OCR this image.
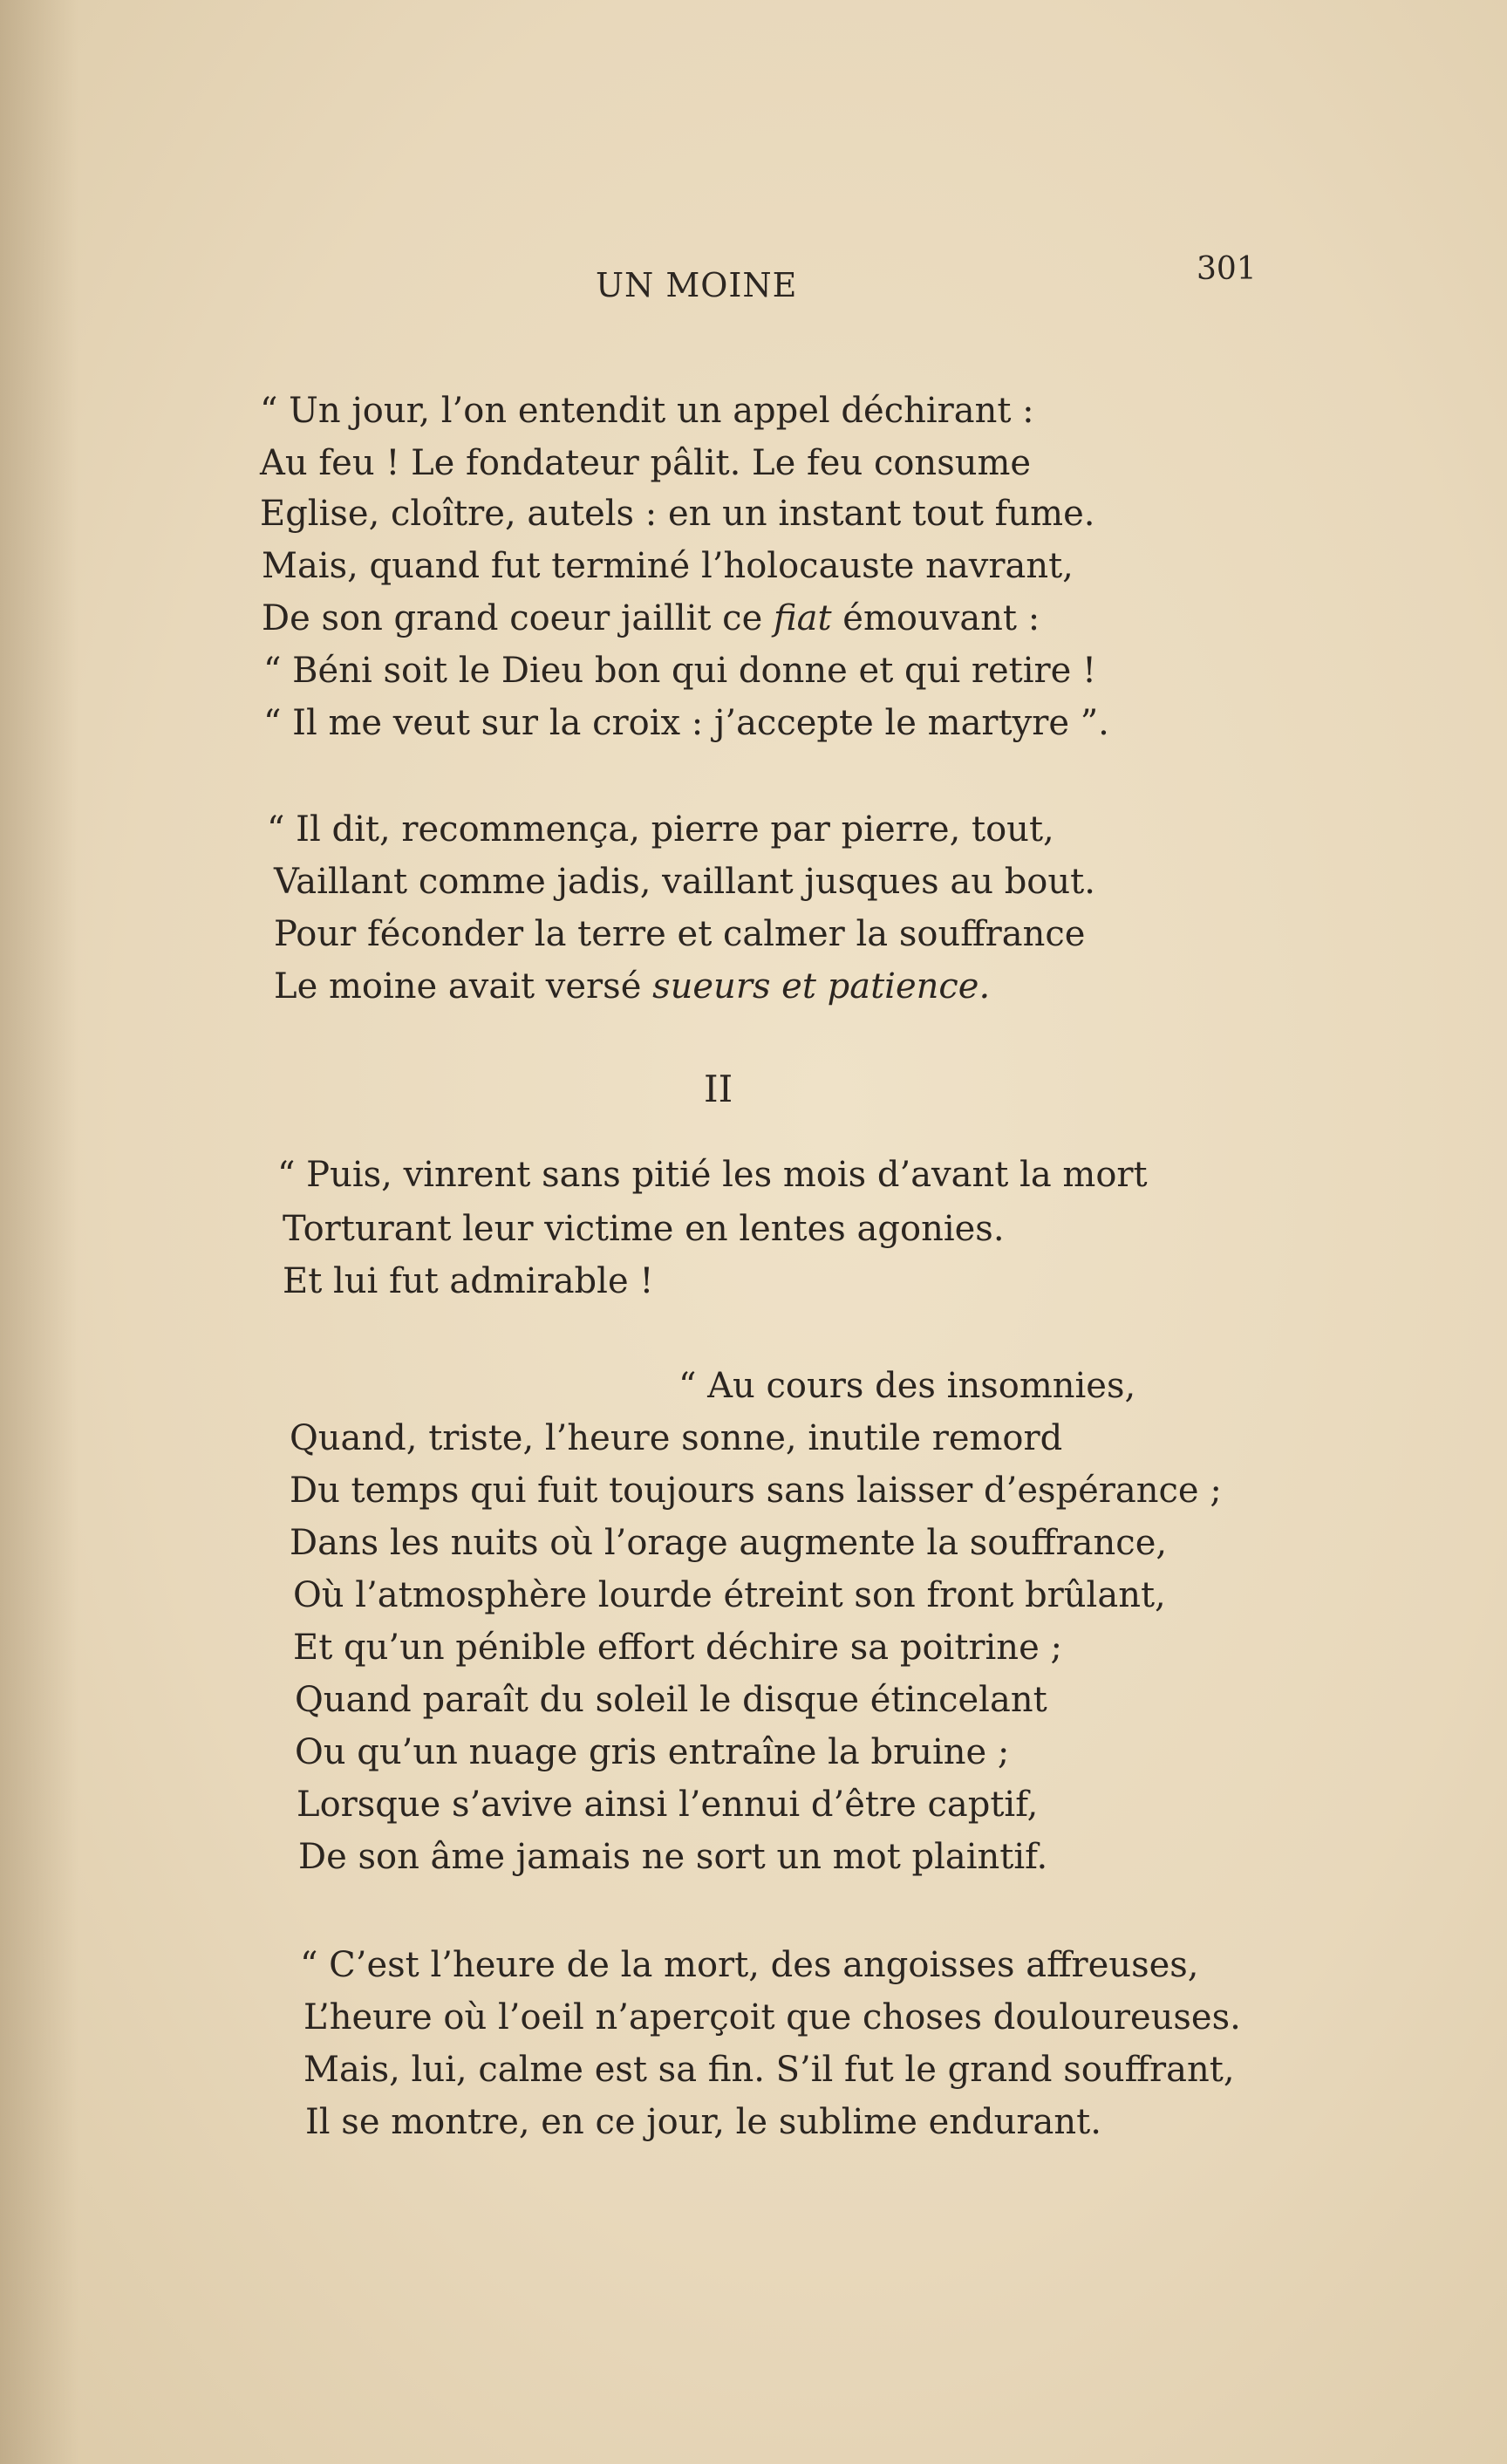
UN MOINE	301
“ Un jour, l’on entendit un appel déchirant :
Au feu ! Le fondateur pâlit. Le feu consume
Eglise, cloître, autels : en un instant tout fume.
Mais, quand fut terminé l’holocauste navrant,
De son grand coeur jaillit ce fiat émouvant :
“ Béni soit le Dieu bon qui donne et qui retire !
“ Il me veut sur la croix : j’accepte le martyre ”.
“ Il dit, recommença, pierre par pierre, tout,
Vaillant comme jadis, vaillant jusques au bout.
Pour féconder la terre et calmer la souffrance
Le moine avait versé sueurs et patience.
II
“ Puis, vinrent sans pitié les mois d’avant la mort
Torturant leur victime en lentes agonies.
Et lui fut admirable !
“ Au cours des insomnies,
Quand, triste, l’heure sonne, inutile remord
Du temps qui fuit toujours sans laisser d’espérance ;
Dans les nuits où l’orage augmente la souffrance,
Où l’atmosphère lourde étreint son front brûlant,
Et qu’un pénible effort déchire sa poitrine ;
Quand paraît du soleil le disque étincelant
Ou qu’un nuage gris entraîne la bruine ;
Lorsque s’avive ainsi l’ennui d’être captif,
De son âme jamais ne sort un mot plaintif.
“ C’est l’heure de la mort, des angoisses affreuses,
L’heure où l’oeil n’aperçoit que choses douloureuses.
Mais, lui, calme est sa fin. S’il fut le grand souffrant,
Il se montre, en ce jour, le sublime endurant.
